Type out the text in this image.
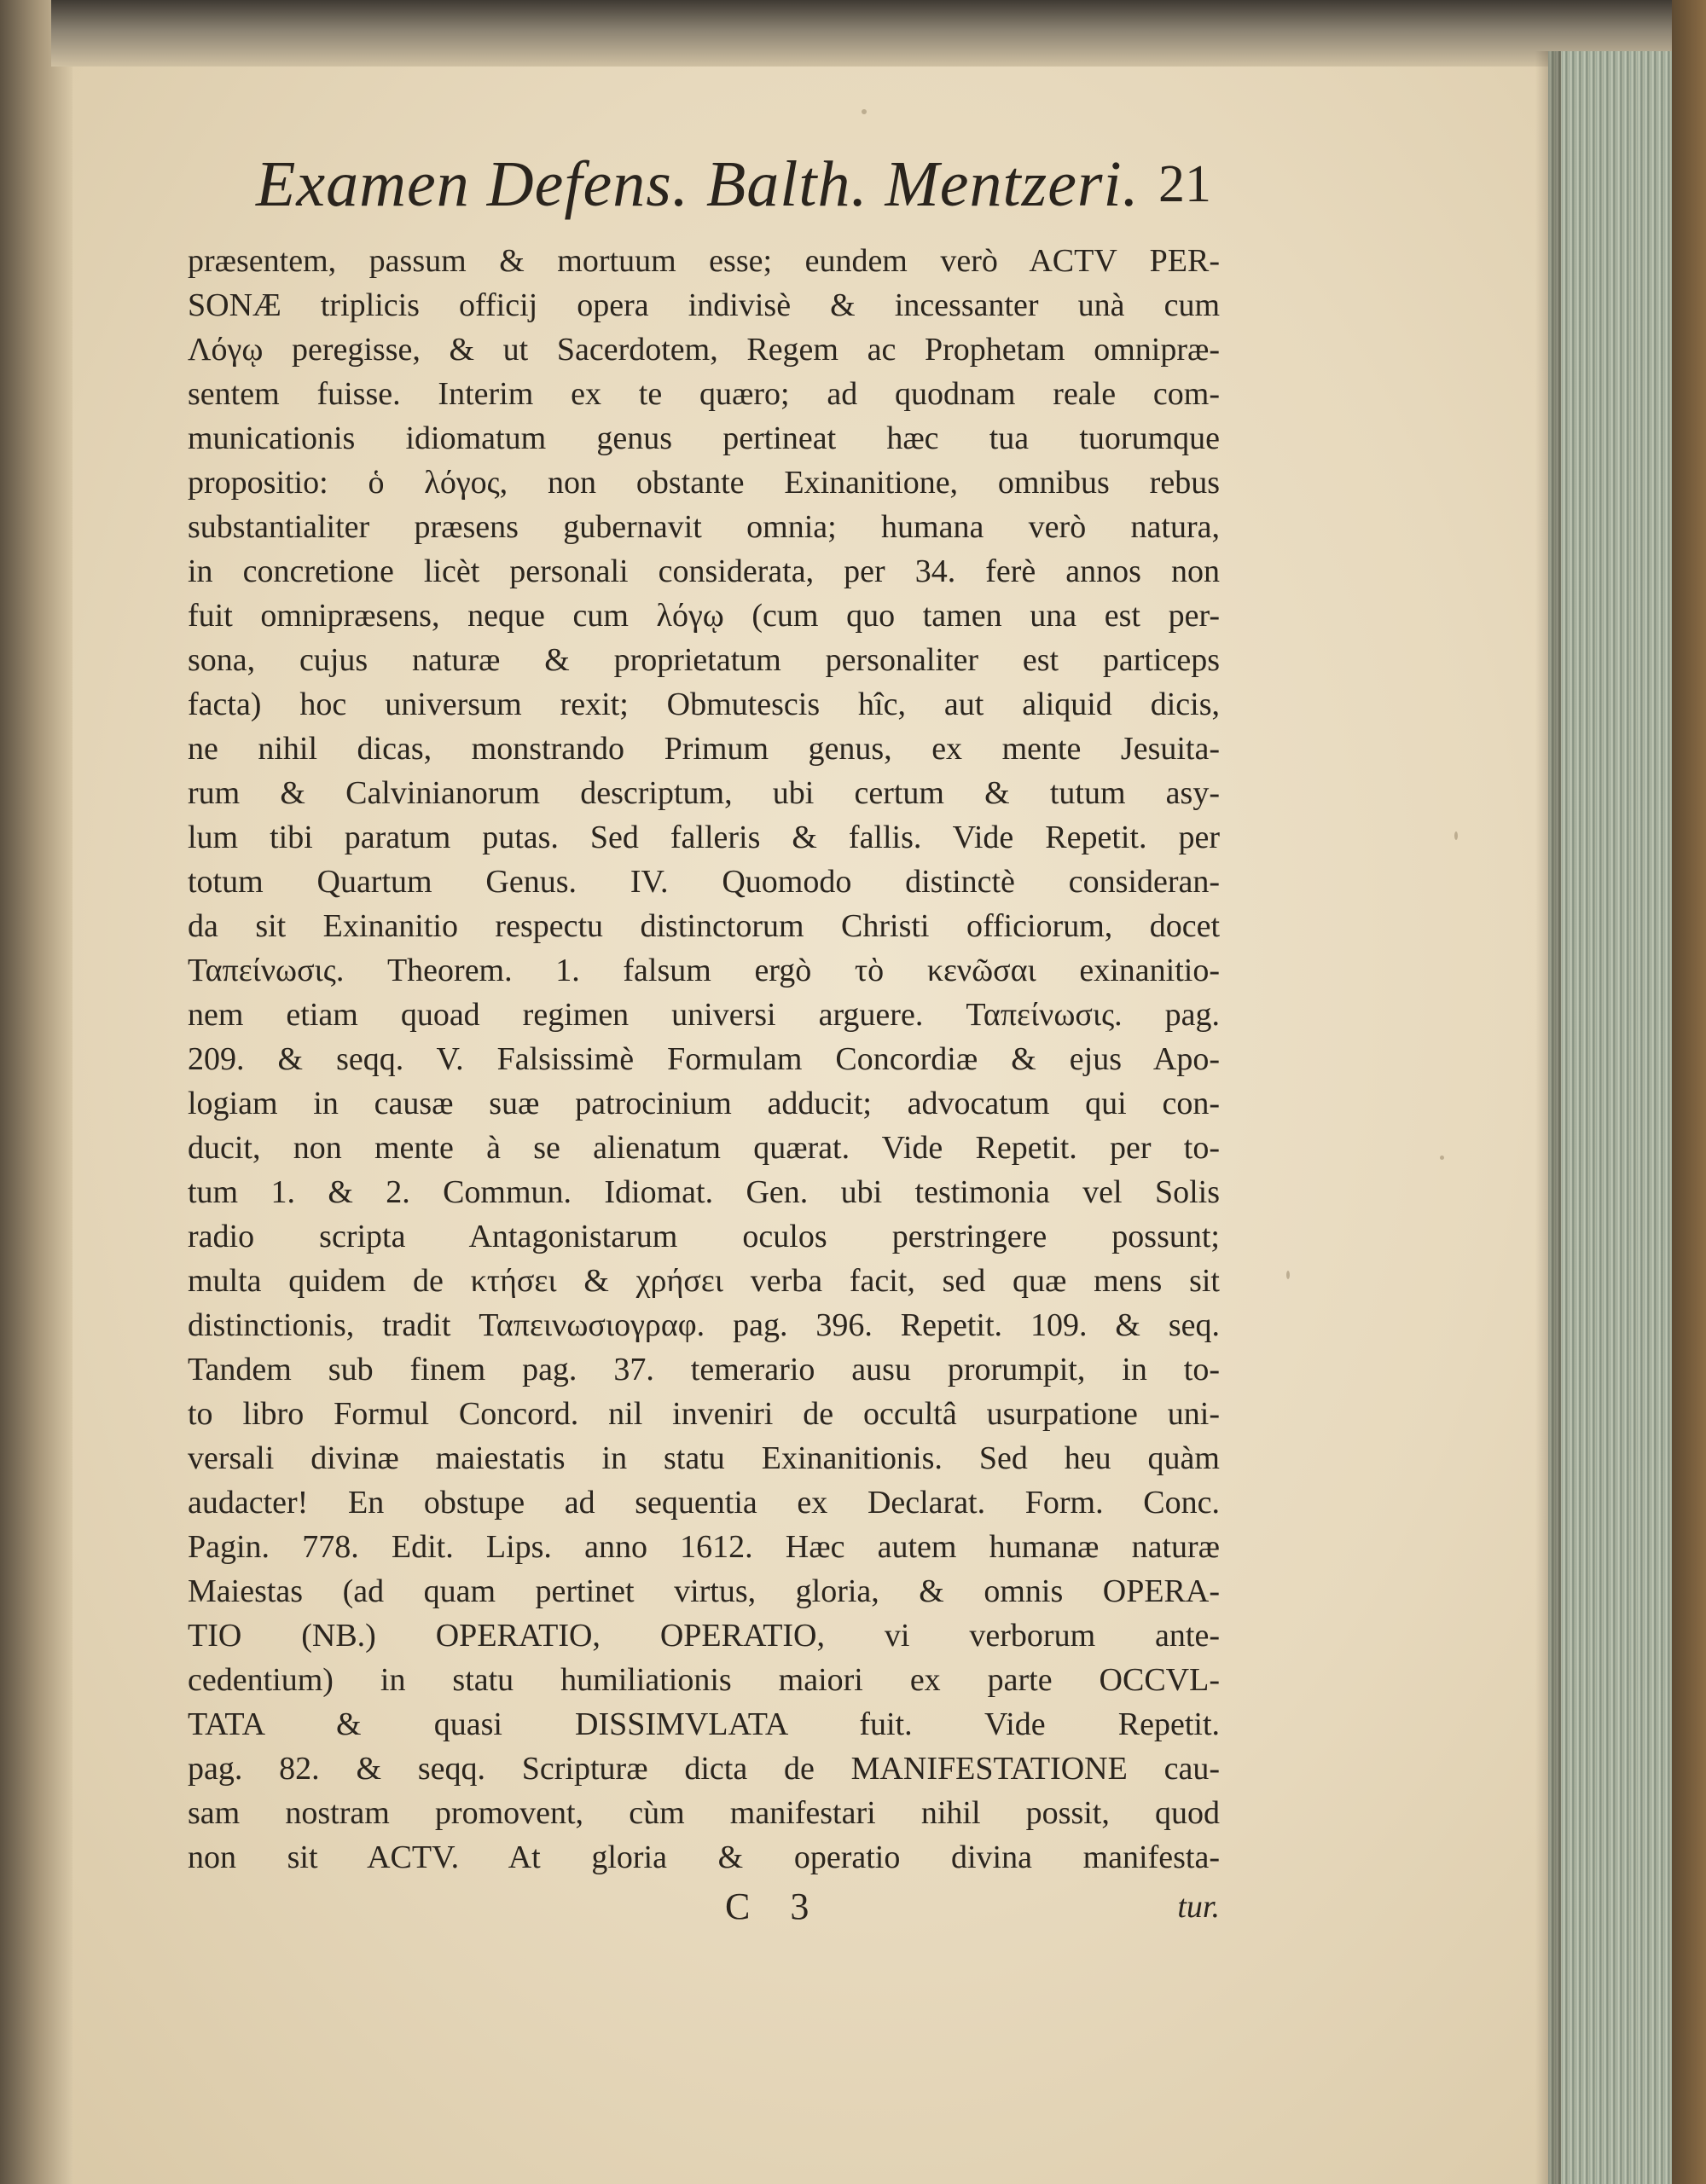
Examen Defens. Balth. Mentzeri. 21
præsentem, passum & mortuum esse; eundem verò ACTV PER-
SONÆ triplicis officij opera indivisè & incessanter unà cum
Λόγῳ peregisse, & ut Sacerdotem, Regem ac Prophetam omnipræ-
sentem fuisse. Interim ex te quæro; ad quodnam reale com-
municationis idiomatum genus pertineat hæc tua tuorumque
propositio: ὁ λόγος, non obstante Exinanitione, omnibus rebus
substantialiter præsens gubernavit omnia; humana verò natura,
in concretione licèt personali considerata, per 34. ferè annos non
fuit omnipræsens, neque cum λόγῳ (cum quo tamen una est per-
sona, cujus naturæ & proprietatum personaliter est particeps
facta) hoc universum rexit; Obmutescis hîc, aut aliquid dicis,
ne nihil dicas, monstrando Primum genus, ex mente Jesuita-
rum & Calvinianorum descriptum, ubi certum & tutum asy-
lum tibi paratum putas. Sed falleris & fallis. Vide Repetit. per
totum Quartum Genus. IV. Quomodo distinctè consideran-
da sit Exinanitio respectu distinctorum Christi officiorum, docet
Ταπείνωσις. Theorem. 1. falsum ergò τὸ κενῶσαι exinanitio-
nem etiam quoad regimen universi arguere. Ταπείνωσις. pag.
209. & seqq. V. Falsissimè Formulam Concordiæ & ejus Apo-
logiam in causæ suæ patrocinium adducit; advocatum qui con-
ducit, non mente à se alienatum quærat. Vide Repetit. per to-
tum 1. & 2. Commun. Idiomat. Gen. ubi testimonia vel Solis
radio scripta Antagonistarum oculos perstringere possunt;
multa quidem de κτήσει & χρήσει verba facit, sed quæ mens sit
distinctionis, tradit Ταπεινωσιογραφ. pag. 396. Repetit. 109. & seq.
Tandem sub finem pag. 37. temerario ausu prorumpit, in to-
to libro Formul Concord. nil inveniri de occultâ usurpatione uni-
versali divinæ maiestatis in statu Exinanitionis. Sed heu quàm
audacter! En obstupe ad sequentia ex Declarat. Form. Conc.
Pagin. 778. Edit. Lips. anno 1612. Hæc autem humanæ naturæ
Maiestas (ad quam pertinet virtus, gloria, & omnis OPERA-
TIO (NB.) OPERATIO, OPERATIO, vi verborum ante-
cedentium) in statu humiliationis maiori ex parte OCCVL-
TATA & quasi DISSIMVLATA fuit. Vide Repetit.
pag. 82. & seqq. Scripturæ dicta de MANIFESTATIONE cau-
sam nostram promovent, cùm manifestari nihil possit, quod
non sit ACTV. At gloria & operatio divina manifesta-
C 3	tur.
